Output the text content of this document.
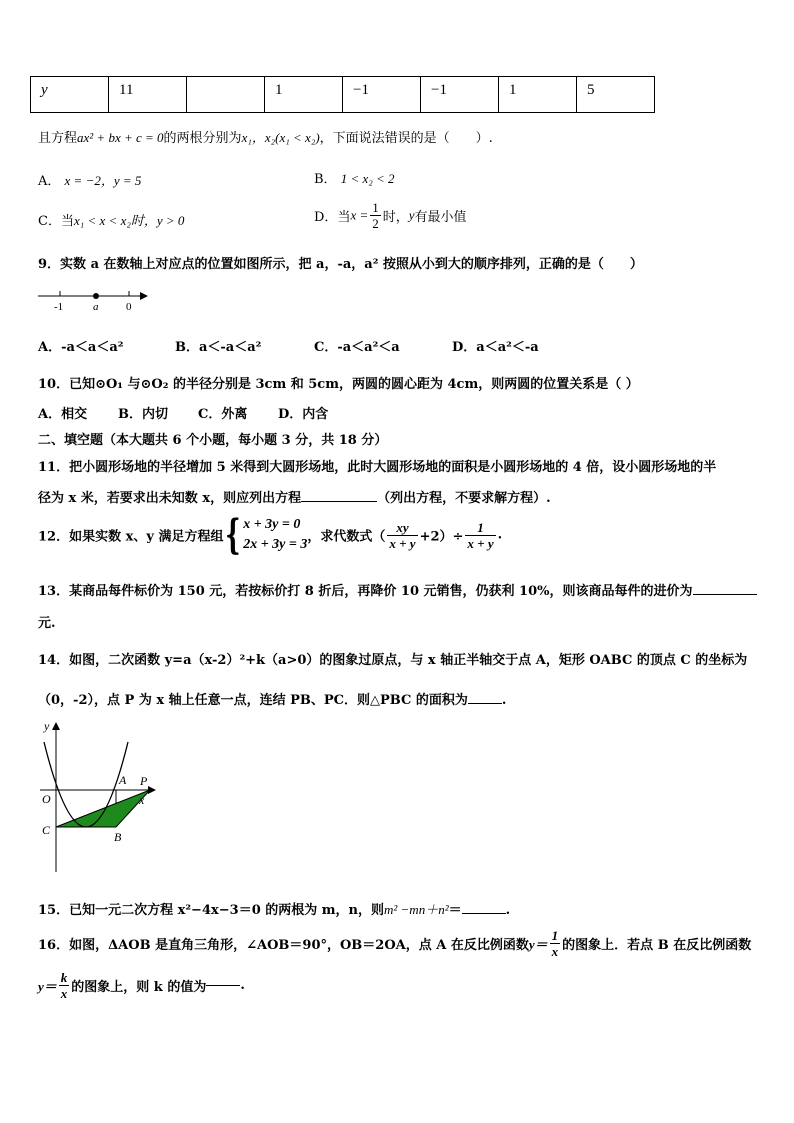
y	11		1	−1	−1	1	5
且方程ax² + bx + c = 0的两根分别为x₁，x₂(x₁ < x₂)，下面说法错误的是（　　）.
A． x = −2，y = 5	B． 1 < x₂ < 2
C．当x₁ < x < x₂时，y > 0	D．当$x = \frac{1}{2}$ 时，y有最小值
9．实数 a 在数轴上对应点的位置如图所示，把 a，-a，a² 按照从小到大的顺序排列，正确的是（　　）
-1	a	0
A．-a＜a＜a²	B．a＜-a＜a²	C．-a＜a²＜a	D．a＜a²＜-a
10．已知⊙O₁ 与⊙O₂ 的半径分别是 3cm 和 5cm，两圆的圆心距为 4cm，则两圆的位置关系是（ ）
A．相交 B．内切 C．外离 D．内含
二、填空题（本大题共 6 个小题，每小题 3 分，共 18 分）
11．把小圆形场地的半径增加 5 米得到大圆形场地，此时大圆形场地的面积是小圆形场地的 4 倍，设小圆形场地的半
径为 x 米，若要求出未知数 x，则应列出方程	（列出方程，不要求解方程）.
12．如果实数 x、y 满足方程组{ x + 3y = 0
2x + 3y = 3 ，求代数式（ $\frac{xy}{x + y} +2)\div \frac{1}{x + y}$ .
13．某商品每件标价为 150 元，若按标价打 8 折后，再降价 10 元销售，仍获利 10%，则该商品每件的进价为
元.
14．如图，二次函数 y=a（x-2）²+k（a>0）的图象过原点，与 x 轴正半轴交于点 A，矩形 OABC 的顶点 C 的坐标为
（0，-2），点 P 为 x 轴上任意一点，连结 PB、PC．则△PBC 的面积为	.
y
O
A P
x
C	B
15．已知一元二次方程 x²−4x−3＝0 的两根为 m，n，则m² −mn＋n²＝	.
16．如图，ΔAOB 是直角三角形，∠AOB＝90°，OB＝2OA，点 A 在反比例函数$y= \frac{1}{x}$ 的图象上．若点 B 在反比例函数
$y= \frac{k}{x}$ 的图象上，则 k 的值为	.
